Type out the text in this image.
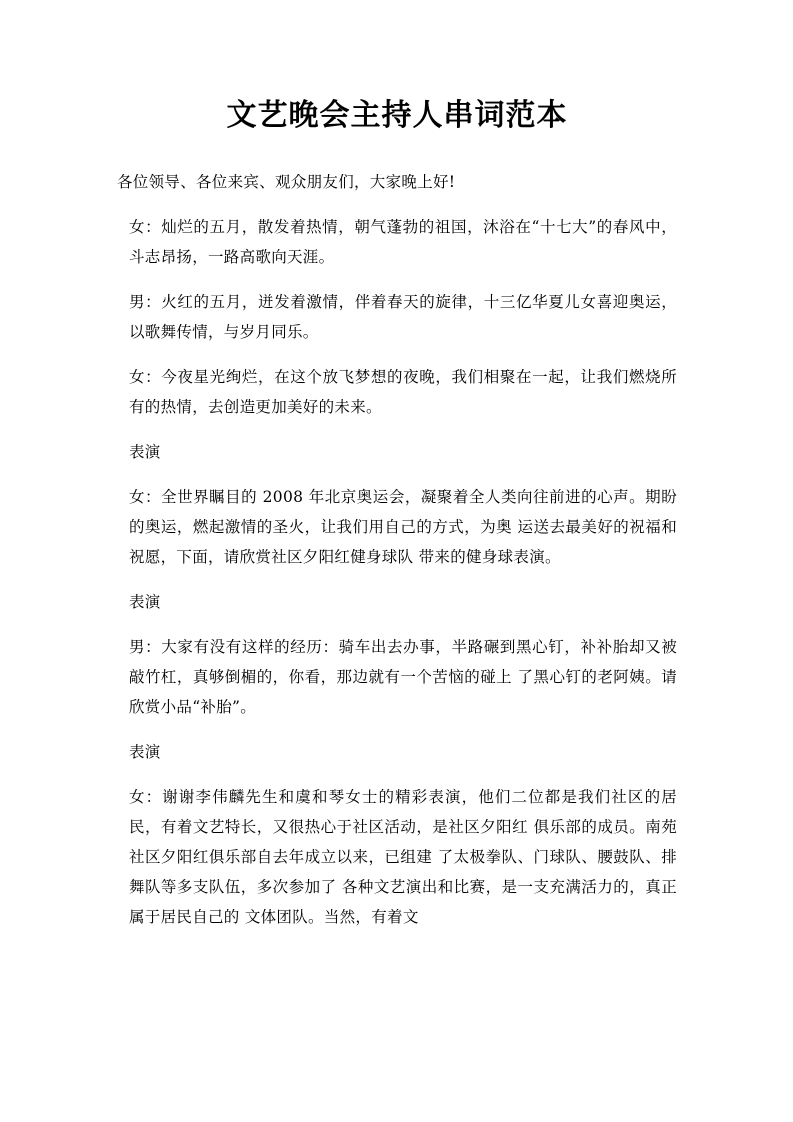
文艺晚会主持人串词范本

各位领导、各位来宾、观众朋友们，大家晚上好!

女：灿烂的五月，散发着热情，朝气蓬勃的祖国，沐浴在“十七大”的春风中，斗志昂扬，一路高歌向天涯。

男：火红的五月，迸发着激情，伴着春天的旋律，十三亿华夏儿女喜迎奥运，以歌舞传情，与岁月同乐。

女：今夜星光绚烂，在这个放飞梦想的夜晚，我们相聚在一起，让我们燃烧所有的热情，去创造更加美好的未来。

表演

女：全世界瞩目的 2008 年北京奥运会，凝聚着全人类向往前进的心声。期盼的奥运，燃起激情的圣火，让我们用自己的方式，为奥 运送去最美好的祝福和祝愿，下面，请欣赏社区夕阳红健身球队 带来的健身球表演。

表演

男：大家有没有这样的经历：骑车出去办事，半路碾到黑心钉，补补胎却又被敲竹杠，真够倒楣的，你看，那边就有一个苦恼的碰上 了黑心钉的老阿姨。请欣赏小品“补胎”。

表演

女：谢谢李伟麟先生和虞和琴女士的精彩表演，他们二位都是我们社区的居民，有着文艺特长，又很热心于社区活动，是社区夕阳红 俱乐部的成员。南苑社区夕阳红俱乐部自去年成立以来，已组建 了太极拳队、门球队、腰鼓队、排舞队等多支队伍，多次参加了 各种文艺演出和比赛，是一支充满活力的，真正属于居民自己的 文体团队。当然，有着文
